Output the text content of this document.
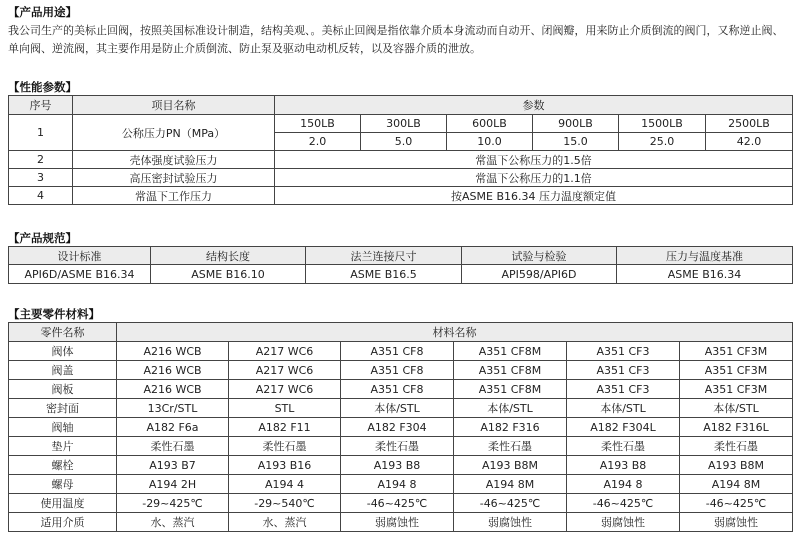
【产品用途】
我公司生产的美标止回阀，按照美国标准设计制造，结构美观、。美标止回阀是指依靠介质本身流动而自动开、闭阀瓣，用来防止介质倒流的阀门，又称逆止阀、单向阀、逆流阀，其主要作用是防止介质倒流、防止泵及驱动电动机反转，以及容器介质的泄放。
【性能参数】
序号	项目名称	参数					
1	公称压力PN（MPa）	150LB	300LB	600LB	900LB	1500LB	2500LB
		2.0	5.0	10.0	15.0	25.0	42.0
2	壳体强度试验压力	常温下公称压力的1.5倍					
3	高压密封试验压力	常温下公称压力的1.1倍					
4	常温下工作压力	按ASME B16.34 压力温度额定值					
【产品规范】
设计标准	结构长度	法兰连接尺寸	试验与检验	压力与温度基准
API6D/ASME B16.34	ASME B16.10	ASME B16.5	API598/API6D	ASME B16.34
【主要零件材料】
零件名称	材料名称					
阀体	A216 WCB	A217 WC6	A351 CF8	A351 CF8M	A351 CF3	A351 CF3M
阀盖	A216 WCB	A217 WC6	A351 CF8	A351 CF8M	A351 CF3	A351 CF3M
阀板	A216 WCB	A217 WC6	A351 CF8	A351 CF8M	A351 CF3	A351 CF3M
密封面	13Cr/STL	STL	本体/STL	本体/STL	本体/STL	本体/STL
阀轴	A182 F6a	A182 F11	A182 F304	A182 F316	A182 F304L	A182 F316L
垫片	柔性石墨	柔性石墨	柔性石墨	柔性石墨	柔性石墨	柔性石墨
螺栓	A193 B7	A193 B16	A193 B8	A193 B8M	A193 B8	A193 B8M
螺母	A194 2H	A194 4	A194 8	A194 8M	A194 8	A194 8M
使用温度	-29~425℃	-29~540℃	-46~425℃	-46~425℃	-46~425℃	-46~425℃
适用介质	水、蒸汽	水、蒸汽	弱腐蚀性	弱腐蚀性	弱腐蚀性	弱腐蚀性
